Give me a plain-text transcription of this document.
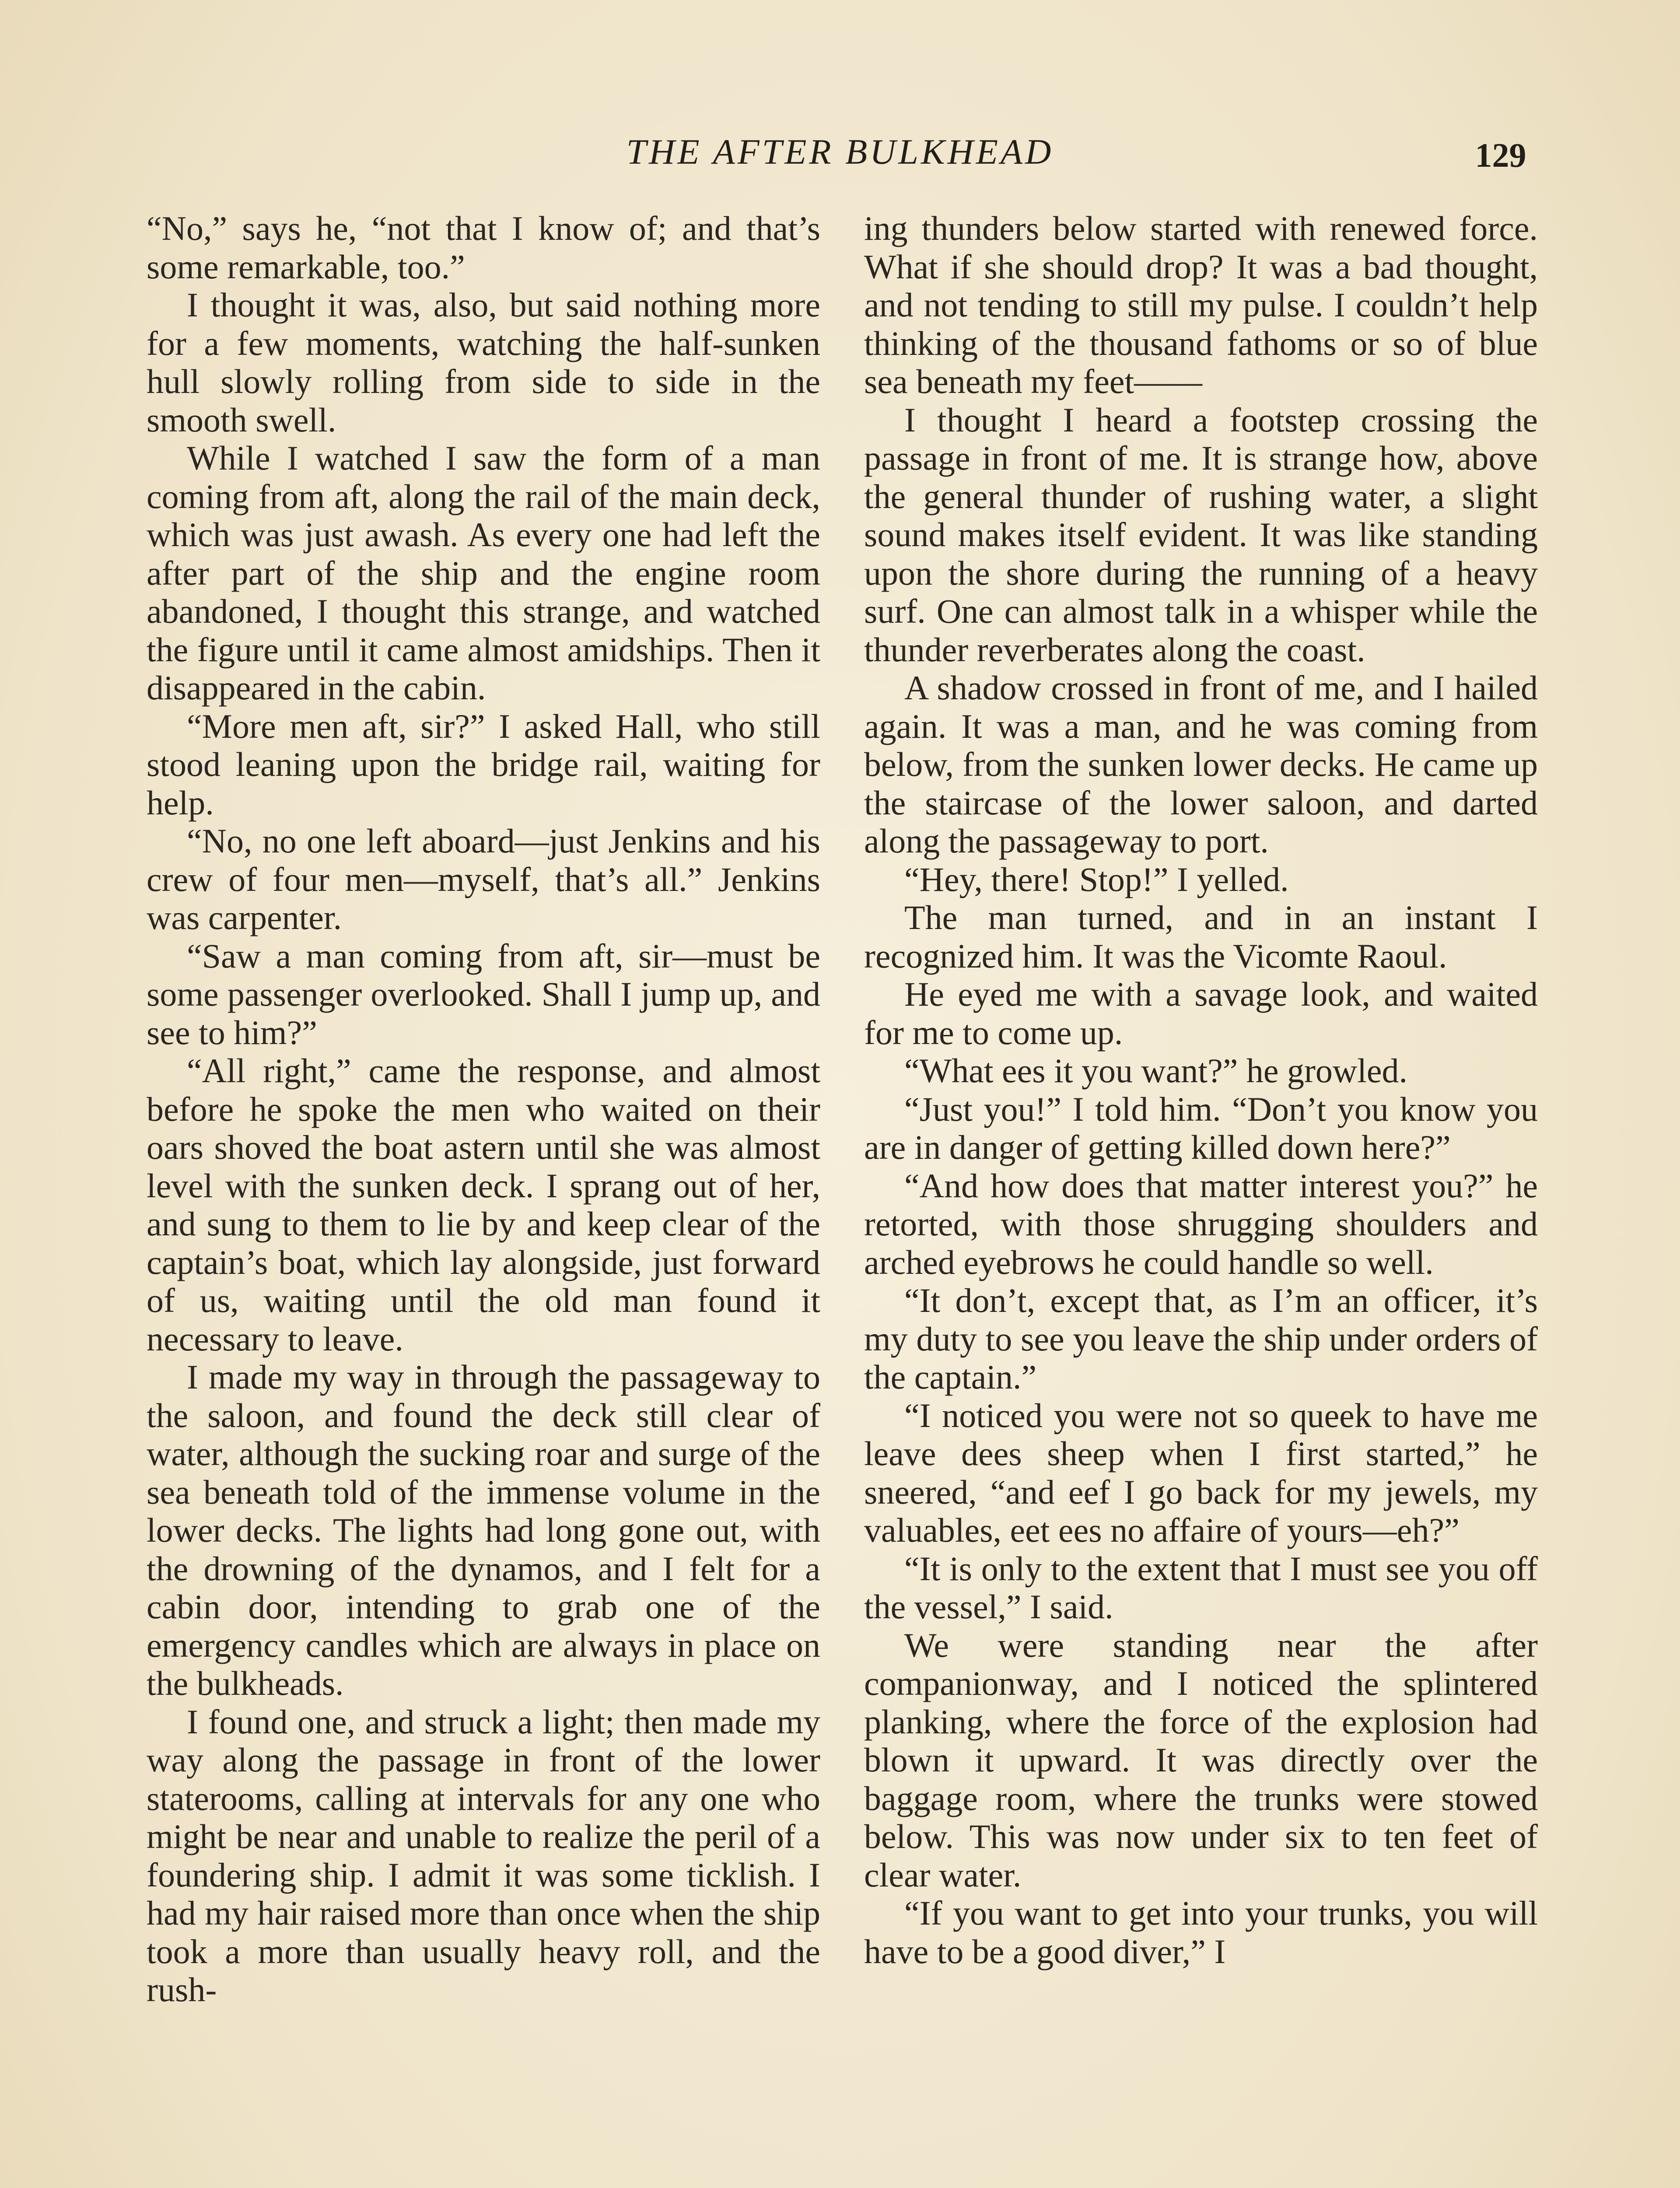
THE AFTER BULKHEAD	129

“No,” says he, “not that I know of; and that’s some remarkable, too.”

I thought it was, also, but said nothing more for a few moments, watching the half-sunken hull slowly rolling from side to side in the smooth swell.

While I watched I saw the form of a man coming from aft, along the rail of the main deck, which was just awash. As every one had left the after part of the ship and the engine room abandoned, I thought this strange, and watched the figure until it came almost amidships. Then it disappeared in the cabin.

“More men aft, sir?” I asked Hall, who still stood leaning upon the bridge rail, waiting for help.

“No, no one left aboard—just Jenkins and his crew of four men—myself, that’s all.” Jenkins was carpenter.

“Saw a man coming from aft, sir—must be some passenger overlooked. Shall I jump up, and see to him?”

“All right,” came the response, and almost before he spoke the men who waited on their oars shoved the boat astern until she was almost level with the sunken deck. I sprang out of her, and sung to them to lie by and keep clear of the captain’s boat, which lay alongside, just forward of us, waiting until the old man found it necessary to leave.

I made my way in through the passageway to the saloon, and found the deck still clear of water, although the sucking roar and surge of the sea beneath told of the immense volume in the lower decks. The lights had long gone out, with the drowning of the dynamos, and I felt for a cabin door, intending to grab one of the emergency candles which are always in place on the bulkheads.

I found one, and struck a light; then made my way along the passage in front of the lower staterooms, calling at intervals for any one who might be near and unable to realize the peril of a foundering ship. I admit it was some ticklish. I had my hair raised more than once when the ship took a more than usually heavy roll, and the rush-

ing thunders below started with renewed force. What if she should drop? It was a bad thought, and not tending to still my pulse. I couldn’t help thinking of the thousand fathoms or so of blue sea beneath my feet——

I thought I heard a footstep crossing the passage in front of me. It is strange how, above the general thunder of rushing water, a slight sound makes itself evident. It was like standing upon the shore during the running of a heavy surf. One can almost talk in a whisper while the thunder reverberates along the coast.

A shadow crossed in front of me, and I hailed again. It was a man, and he was coming from below, from the sunken lower decks. He came up the staircase of the lower saloon, and darted along the passageway to port.

“Hey, there! Stop!” I yelled.

The man turned, and in an instant I recognized him. It was the Vicomte Raoul.

He eyed me with a savage look, and waited for me to come up.

“What ees it you want?” he growled.

“Just you!” I told him. “Don’t you know you are in danger of getting killed down here?”

“And how does that matter interest you?” he retorted, with those shrugging shoulders and arched eyebrows he could handle so well.

“It don’t, except that, as I’m an officer, it’s my duty to see you leave the ship under orders of the captain.”

“I noticed you were not so queek to have me leave dees sheep when I first started,” he sneered, “and eef I go back for my jewels, my valuables, eet ees no affaire of yours—eh?”

“It is only to the extent that I must see you off the vessel,” I said.

We were standing near the after companionway, and I noticed the splintered planking, where the force of the explosion had blown it upward. It was directly over the baggage room, where the trunks were stowed below. This was now under six to ten feet of clear water.

“If you want to get into your trunks, you will have to be a good diver,” I
